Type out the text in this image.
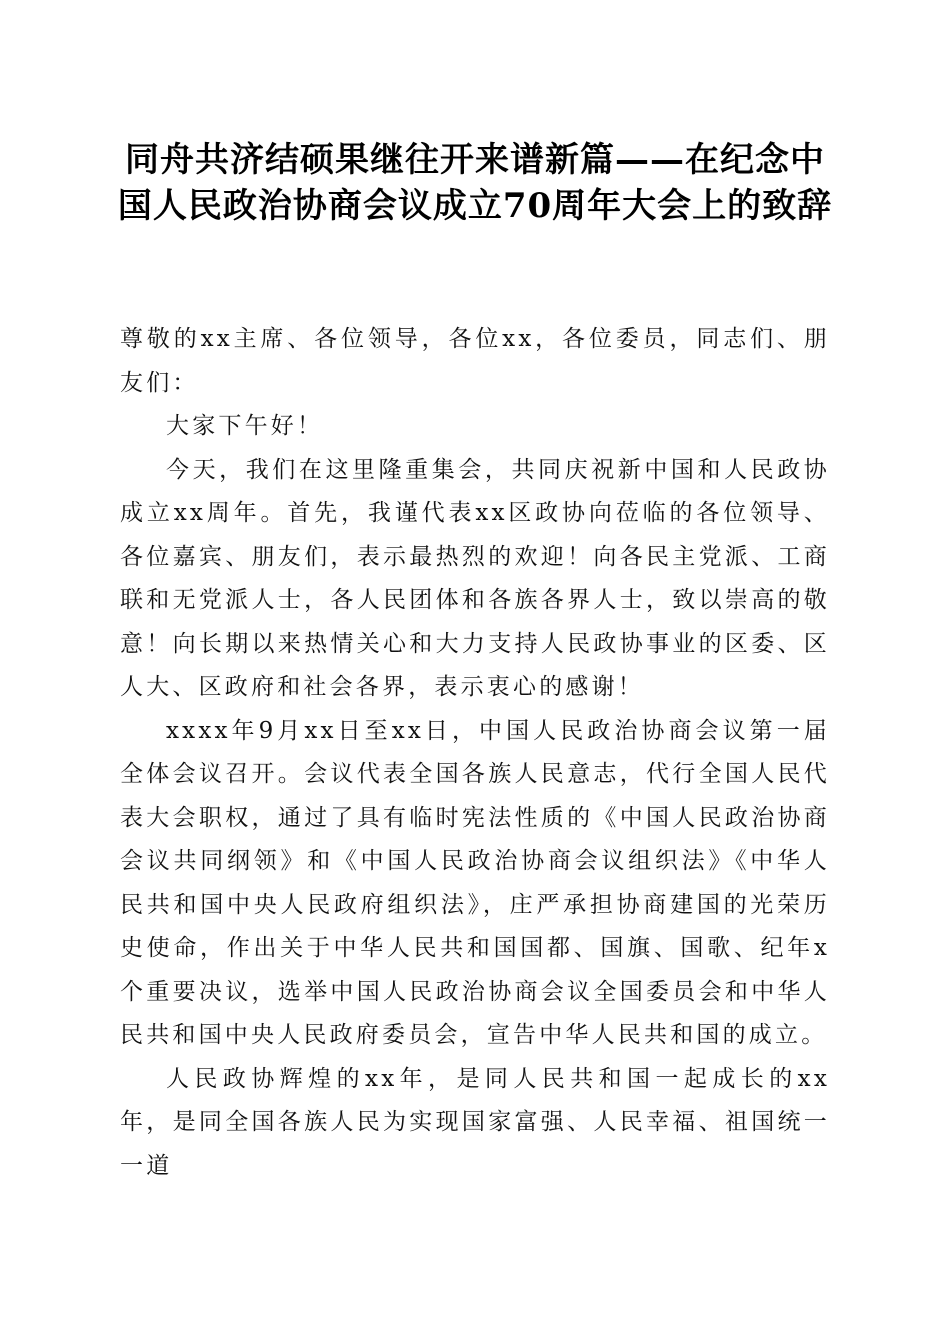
同舟共济结硕果继往开来谱新篇——在纪念中国人民政治协商会议成立70周年大会上的致辞

尊敬的xx主席、各位领导，各位xx，各位委员，同志们、朋友们：

大家下午好！

今天，我们在这里隆重集会，共同庆祝新中国和人民政协成立xx周年。首先，我谨代表xx区政协向莅临的各位领导、各位嘉宾、朋友们，表示最热烈的欢迎！向各民主党派、工商联和无党派人士，各人民团体和各族各界人士，致以崇高的敬意！向长期以来热情关心和大力支持人民政协事业的区委、区人大、区政府和社会各界，表示衷心的感谢！

xxxx年9月xx日至xx日，中国人民政治协商会议第一届全体会议召开。会议代表全国各族人民意志，代行全国人民代表大会职权，通过了具有临时宪法性质的《中国人民政治协商会议共同纲领》和《中国人民政治协商会议组织法》《中华人民共和国中央人民政府组织法》，庄严承担协商建国的光荣历史使命，作出关于中华人民共和国国都、国旗、国歌、纪年x个重要决议，选举中国人民政治协商会议全国委员会和中华人民共和国中央人民政府委员会，宣告中华人民共和国的成立。

人民政协辉煌的xx年，是同人民共和国一起成长的xx年，是同全国各族人民为实现国家富强、人民幸福、祖国统一一道
